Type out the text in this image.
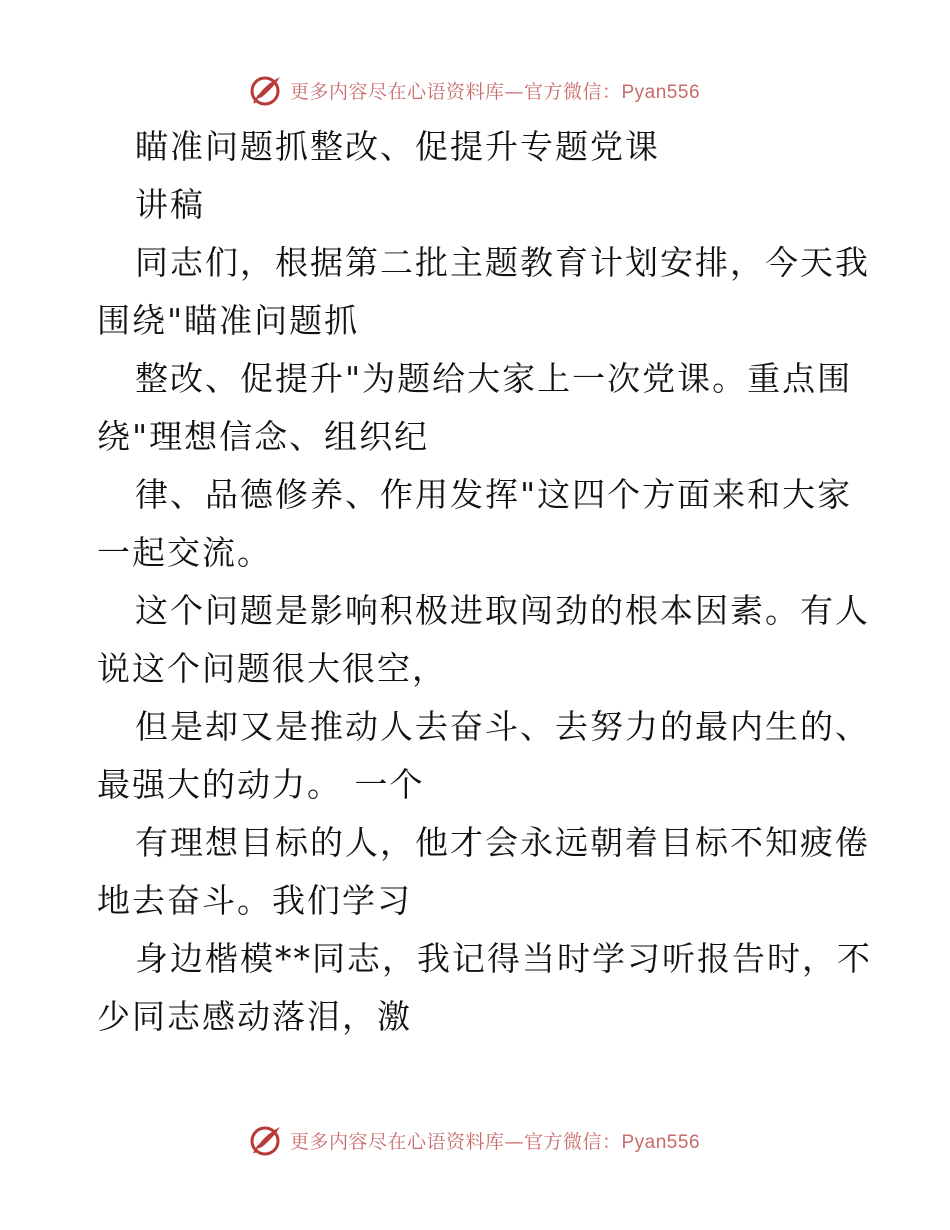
更多内容尽在心语资料库—官方微信：Pyan556
瞄准问题抓整改、促提升专题党课
讲稿
同志们，根据第二批主题教育计划安排，今天我
围绕"瞄准问题抓
整改、促提升"为题给大家上一次党课。重点围
绕"理想信念、组织纪
律、品德修养、作用发挥"这四个方面来和大家
一起交流。
这个问题是影响积极进取闯劲的根本因素。有人
说这个问题很大很空，
但是却又是推动人去奋斗、去努力的最内生的、
最强大的动力。 一个
有理想目标的人，他才会永远朝着目标不知疲倦
地去奋斗。我们学习
身边楷模**同志，我记得当时学习听报告时，不
少同志感动落泪，激
更多内容尽在心语资料库—官方微信：Pyan556
